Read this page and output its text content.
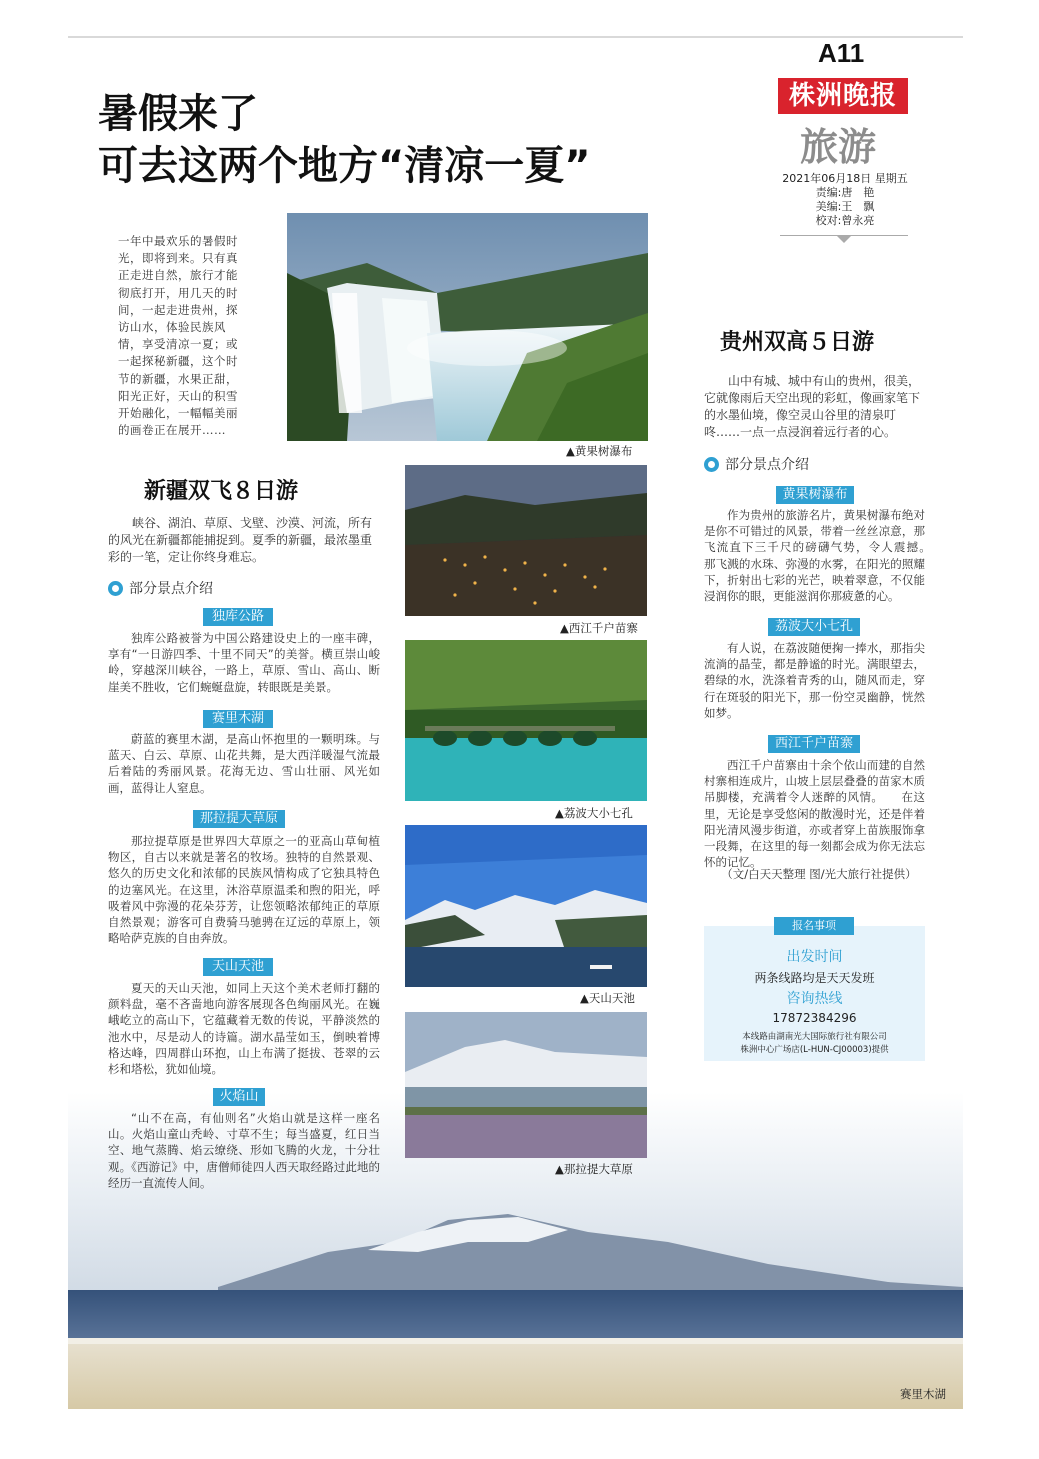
A11
株洲晚报
旅游
2021年06月18日 星期五
责编:唐　艳
美编:王　飘
校对:曾永亮
暑假来了
可去这两个地方“清凉一夏”
一年中最欢乐的暑假时光，即将到来。只有真正走进自然，旅行才能彻底打开，用几天的时间，一起走进贵州，探访山水，体验民族风情，享受清凉一夏；或一起探秘新疆，这个时节的新疆，水果正甜，阳光正好，天山的积雪开始融化，一幅幅美丽的画卷正在展开……
▲黄果树瀑布
新疆双飞８日游
峡谷、湖泊、草原、戈壁、沙漠、河流，所有的风光在新疆都能捕捉到。夏季的新疆，最浓墨重彩的一笔，定让你终身难忘。
部分景点介绍
独库公路
独库公路被誉为中国公路建设史上的一座丰碑，享有“一日游四季、十里不同天”的美誉。横亘崇山峻岭，穿越深川峡谷，一路上，草原、雪山、高山、断崖美不胜收，它们蜿蜒盘旋，转眼既是美景。
赛里木湖
蔚蓝的赛里木湖，是高山怀抱里的一颗明珠。与蓝天、白云、草原、山花共舞，是大西洋暖湿气流最后着陆的秀丽风景。花海无边、雪山壮丽、风光如画，蓝得让人窒息。
那拉提大草原
那拉提草原是世界四大草原之一的亚高山草甸植物区，自古以来就是著名的牧场。独特的自然景观、悠久的历史文化和浓郁的民族风情构成了它独具特色的边塞风光。在这里，沐浴草原温柔和煦的阳光，呼吸着风中弥漫的花朵芬芳，让您领略浓郁纯正的草原自然景观；游客可自费骑马驰骋在辽远的草原上，领略哈萨克族的自由奔放。
天山天池
夏天的天山天池，如同上天这个美术老师打翻的颜料盘，毫不吝啬地向游客展现各色绚丽风光。在巍峨屹立的高山下，它蕴藏着无数的传说，平静淡然的池水中，尽是动人的诗篇。湖水晶莹如玉，倒映着博格达峰，四周群山环抱，山上布满了挺拔、苍翠的云杉和塔松，犹如仙境。
赛里木湖
火焰山
“山不在高，有仙则名”火焰山就是这样一座名山。火焰山童山秃岭、寸草不生；每当盛夏，红日当空、地气蒸腾、焰云缭绕、形如飞腾的火龙，十分壮观。《西游记》中，唐僧师徒四人西天取经路过此地的经历一直流传人间。
▲西江千户苗寨
▲荔波大小七孔
▲天山天池
▲那拉提大草原
贵州双高５日游
山中有城、城中有山的贵州，很美，它就像雨后天空出现的彩虹，像画家笔下的水墨仙境，像空灵山谷里的清泉叮咚……一点一点浸润着远行者的心。
部分景点介绍
黄果树瀑布
作为贵州的旅游名片，黄果树瀑布绝对是你不可错过的风景，带着一丝丝凉意，那飞流直下三千尺的磅礴气势，令人震撼。　　那飞溅的水珠、弥漫的水雾，在阳光的照耀下，折射出七彩的光芒，映着翠意，不仅能浸润你的眼，更能滋润你那疲惫的心。
荔波大小七孔
有人说，在荔波随便掬一捧水，那指尖流淌的晶莹，都是静谧的时光。满眼望去，碧绿的水，洗涤着青秀的山，随风而走，穿行在斑驳的阳光下，那一份空灵幽静，恍然如梦。
西江千户苗寨
西江千户苗寨由十余个依山而建的自然村寨相连成片，山坡上层层叠叠的苗家木质吊脚楼，充满着令人迷醉的风情。　　在这里，无论是享受悠闲的散漫时光，还是伴着阳光清风漫步街道，亦或者穿上苗族服饰拿一段舞，在这里的每一刻都会成为你无法忘怀的记忆。
（文/白天天整理 图/光大旅行社提供）
报名事项
出发时间
两条线路均是天天发班
咨询热线
17872384296
本线路由湖南光大国际旅行社有限公司
株洲中心广场店(L-HUN-CJ00003)提供
